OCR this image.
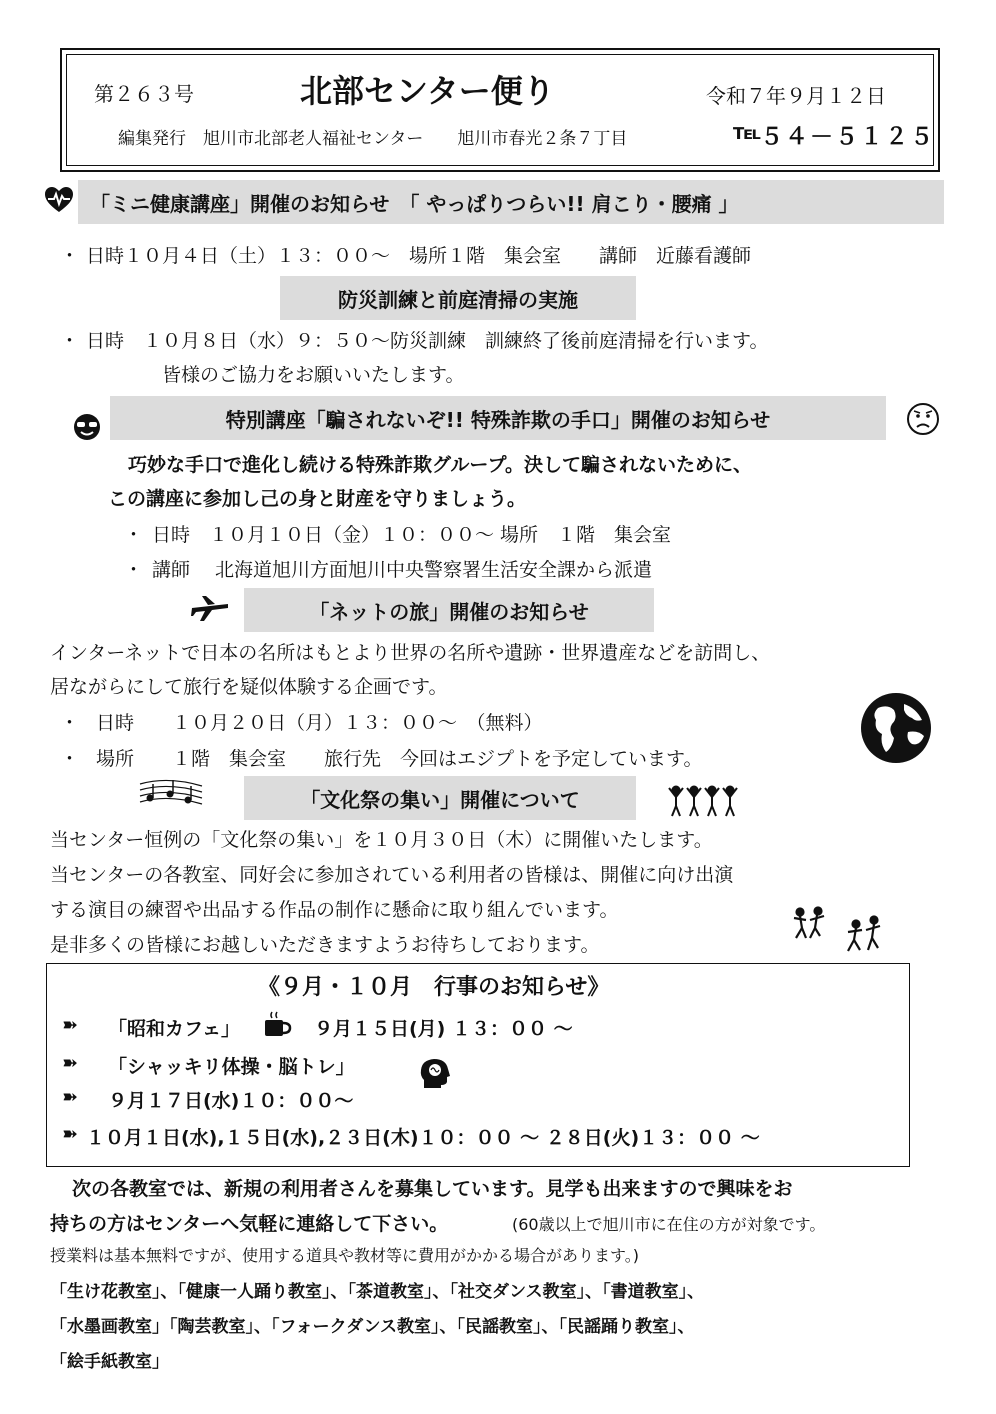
第２６３号	北部センター便り	令和７年９月１２日
編集発行　旭川市北部老人福祉センター　　旭川市春光２条７丁目	℡
５４－５１２５
「ミニ健康講座」開催のお知らせ　「 やっぱりつらい!! 肩こり・腰痛 」
・ 日時１０月４日（土）１３：００～　場所１階　集会室　　講師　近藤看護師
防災訓練と前庭清掃の実施
・ 日時　１０月８日（水）９：５０～防災訓練　訓練終了後前庭清掃を行います。
皆様のご協力をお願いいたします。
特別講座「騙されないぞ!! 特殊詐欺の手口」開催のお知らせ
巧妙な手口で進化し続ける特殊詐欺グループ。決して騙されないために、
この講座に参加し己の身と財産を守りましょう。
・ 日時　１０月１０日（金）１０：００～ 場所　１階　集会室
・ 講師　 北海道旭川方面旭川中央警察署生活安全課から派遣
「ネットの旅」開催のお知らせ
インターネットで日本の名所はもとより世界の名所や遺跡・世界遺産などを訪問し、
居ながらにして旅行を疑似体験する企画です。
・ 日時　　１０月２０日（月）１３：００～　（無料）
・ 場所　　１階　集会室　　旅行先　今回はエジプトを予定しています。
「文化祭の集い」開催について
当センター恒例の「文化祭の集い」を１０月３０日（木）に開催いたします。
当センターの各教室、同好会に参加されている利用者の皆様は、開催に向け出演
する演目の練習や出品する作品の制作に懸命に取り組んでいます。
是非多くの皆様にお越しいただきますようお待ちしております。
《９月・１０月　行事のお知らせ》
➽ 「昭和カフェ」	９月１５日(月) １３：００ ～
➽ 「シャッキリ体操・脳トレ」
➽ ９月１７日(水)１０：００～
➽ １０月１日(水),１５日(水),２３日(木)１０：００ ～ ２８日(火)１３：００ ～
次の各教室では、新規の利用者さんを募集しています。見学も出来ますので興味をお
持ちの方はセンターへ気軽に連絡して下さい。	(60歳以上で旭川市に在住の方が対象です。
授業料は基本無料ですが、使用する道具や教材等に費用がかかる場合があります。)
「生け花教室」、「健康一人踊り教室」、「茶道教室」、「社交ダンス教室」、「書道教室」、
「水墨画教室」「陶芸教室」、「フォークダンス教室」、「民謡教室」、「民謡踊り教室」、
「絵手紙教室」
